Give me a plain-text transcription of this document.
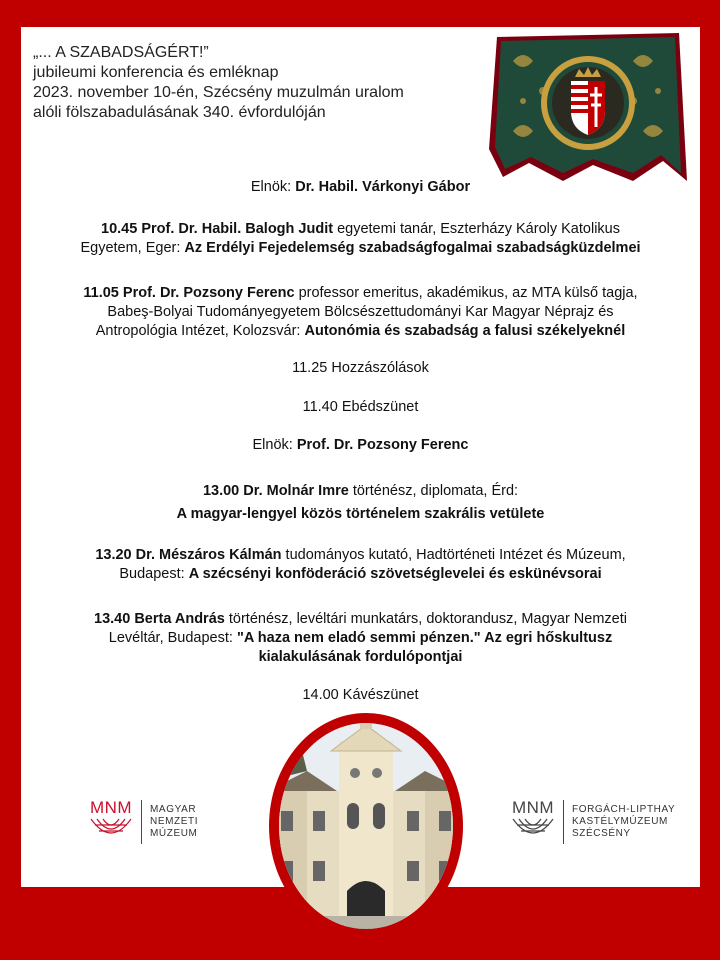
„... A SZABADSÁGÉRT!”
jubileumi konferencia és emléknap
2023. november 10-én, Szécsény muzulmán uralom
alóli fölszabadulásának 340. évfordulóján
Elnök: Dr. Habil. Várkonyi Gábor
10.45 Prof. Dr. Habil. Balogh Judit egyetemi tanár, Eszterházy Károly Katolikus
Egyetem, Eger: Az Erdélyi Fejedelemség szabadságfogalmai szabadságküzdelmei
11.05 Prof. Dr. Pozsony Ferenc professor emeritus, akadémikus, az MTA külső tagja,
Babeş-Bolyai Tudományegyetem Bölcsészettudományi Kar Magyar Néprajz és
Antropológia Intézet, Kolozsvár: Autonómia és szabadság a falusi székelyeknél
11.25 Hozzászólások
11.40 Ebédszünet
Elnök: Prof. Dr. Pozsony Ferenc
13.00 Dr. Molnár Imre történész, diplomata, Érd:
A magyar-lengyel közös történelem szakrális vetülete
13.20 Dr. Mészáros Kálmán tudományos kutató, Hadtörténeti Intézet és Múzeum,
Budapest: A szécsényi konföderáció szövetséglevelei és eskünévsorai
13.40 Berta András történész, levéltári munkatárs, doktorandusz, Magyar Nemzeti
Levéltár, Budapest: "A haza nem eladó semmi pénzen." Az egri hőskultusz
kialakulásának fordulópontjai
14.00 Kávészünet
MNM MAGYAR
NEMZETI
MÚZEUM
MNM FORGÁCH-LIPTHAY
KASTÉLYMÚZEUM
SZÉCSÉNY
